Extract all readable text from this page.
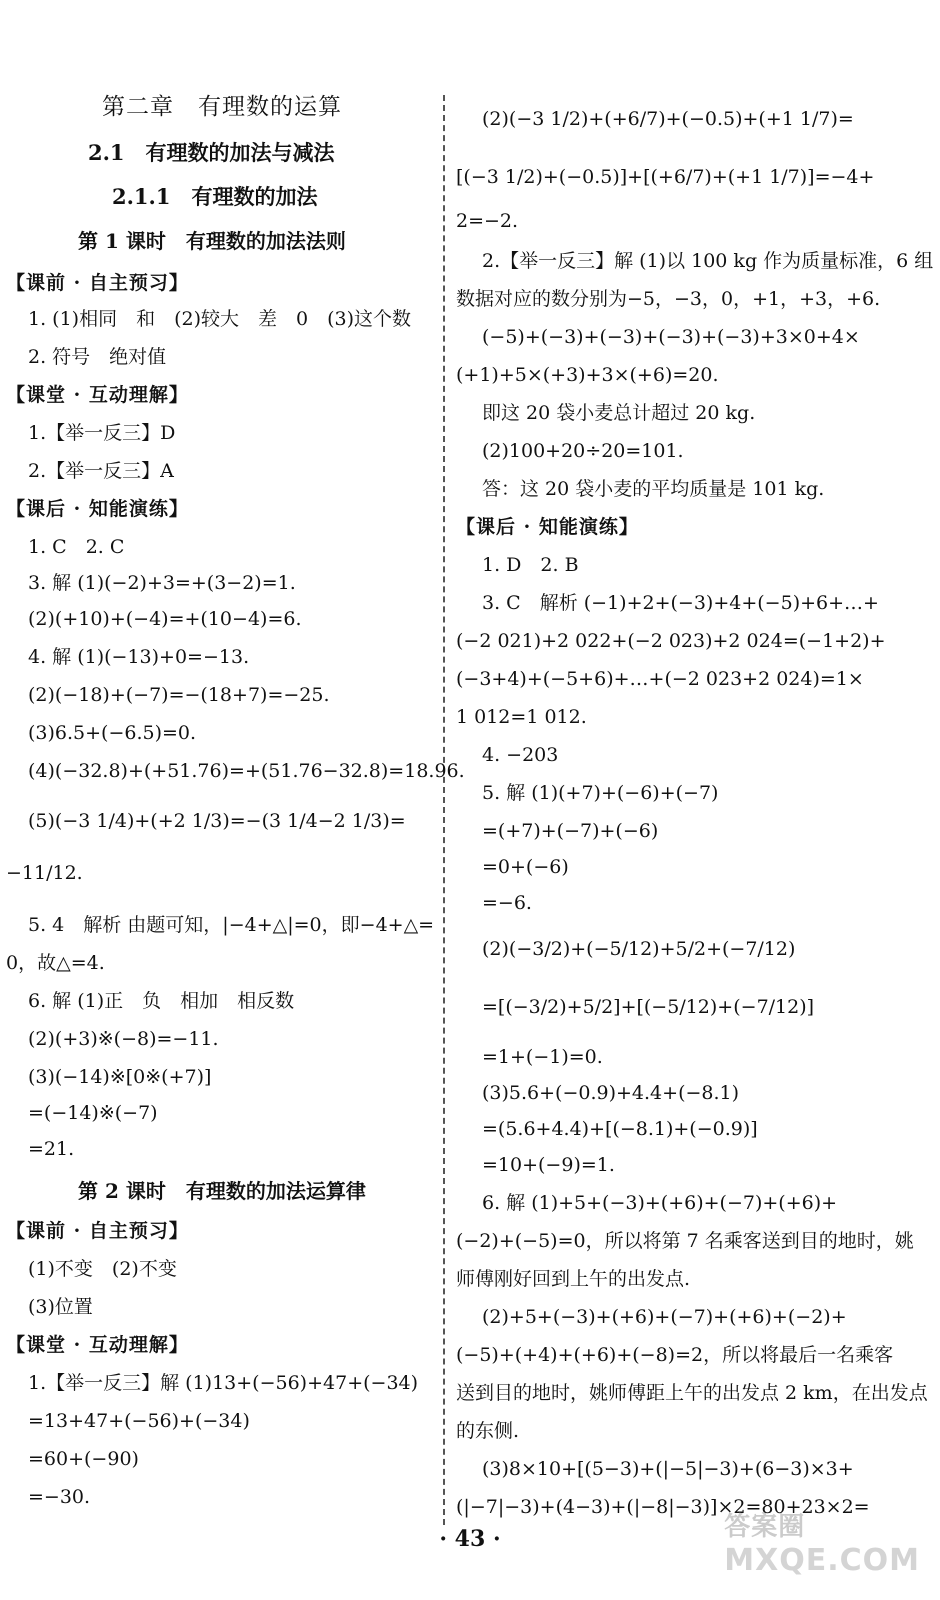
第二章　有理数的运算
2.1　有理数的加法与减法
2.1.1　有理数的加法
第 1 课时　有理数的加法法则
【课前 · 自主预习】
1. (1)相同　和　(2)较大　差　0　(3)这个数
2. 符号　绝对值
【课堂 · 互动理解】
1.【举一反三】D
2.【举一反三】A
【课后 · 知能演练】
1. C　2. C
3. 解 (1)(−2)+3=+(3−2)=1.
(2)(+10)+(−4)=+(10−4)=6.
4. 解 (1)(−13)+0=−13.
(2)(−18)+(−7)=−(18+7)=−25.
(3)6.5+(−6.5)=0.
(4)(−32.8)+(+51.76)=+(51.76−32.8)=18.96.
(5)(−3 1/4)+(+2 1/3)=−(3 1/4−2 1/3)=
−11/12.
5. 4　解析 由题可知，|−4+△|=0，即−4+△=
0，故△=4.
6. 解 (1)正　负　相加　相反数
(2)(+3)※(−8)=−11.
(3)(−14)※[0※(+7)]
=(−14)※(−7)
=21.
第 2 课时　有理数的加法运算律
【课前 · 自主预习】
(1)不变　(2)不变
(3)位置
【课堂 · 互动理解】
1.【举一反三】解 (1)13+(−56)+47+(−34)
=13+47+(−56)+(−34)
=60+(−90)
=−30.
(2)(−3 1/2)+(+6/7)+(−0.5)+(+1 1/7)=
[(−3 1/2)+(−0.5)]+[(+6/7)+(+1 1/7)]=−4+
2=−2.
2.【举一反三】解 (1)以 100 kg 作为质量标准，6 组
数据对应的数分别为−5，−3，0，+1，+3，+6.
(−5)+(−3)+(−3)+(−3)+(−3)+3×0+4×
(+1)+5×(+3)+3×(+6)=20.
即这 20 袋小麦总计超过 20 kg.
(2)100+20÷20=101.
答：这 20 袋小麦的平均质量是 101 kg.
【课后 · 知能演练】
1. D　2. B
3. C　解析 (−1)+2+(−3)+4+(−5)+6+…+
(−2 021)+2 022+(−2 023)+2 024=(−1+2)+
(−3+4)+(−5+6)+…+(−2 023+2 024)=1×
1 012=1 012.
4. −203
5. 解 (1)(+7)+(−6)+(−7)
=(+7)+(−7)+(−6)
=0+(−6)
=−6.
(2)(−3/2)+(−5/12)+5/2+(−7/12)
=[(−3/2)+5/2]+[(−5/12)+(−7/12)]
=1+(−1)=0.
(3)5.6+(−0.9)+4.4+(−8.1)
=(5.6+4.4)+[(−8.1)+(−0.9)]
=10+(−9)=1.
6. 解 (1)+5+(−3)+(+6)+(−7)+(+6)+
(−2)+(−5)=0，所以将第 7 名乘客送到目的地时，姚
师傅刚好回到上午的出发点.
(2)+5+(−3)+(+6)+(−7)+(+6)+(−2)+
(−5)+(+4)+(+6)+(−8)=2，所以将最后一名乘客
送到目的地时，姚师傅距上午的出发点 2 km，在出发点
的东侧.
(3)8×10+[(5−3)+(|−5|−3)+(6−3)×3+
(|−7|−3)+(4−3)+(|−8|−3)]×2=80+23×2=
· 43 ·	答案圈
MXQE.COM
